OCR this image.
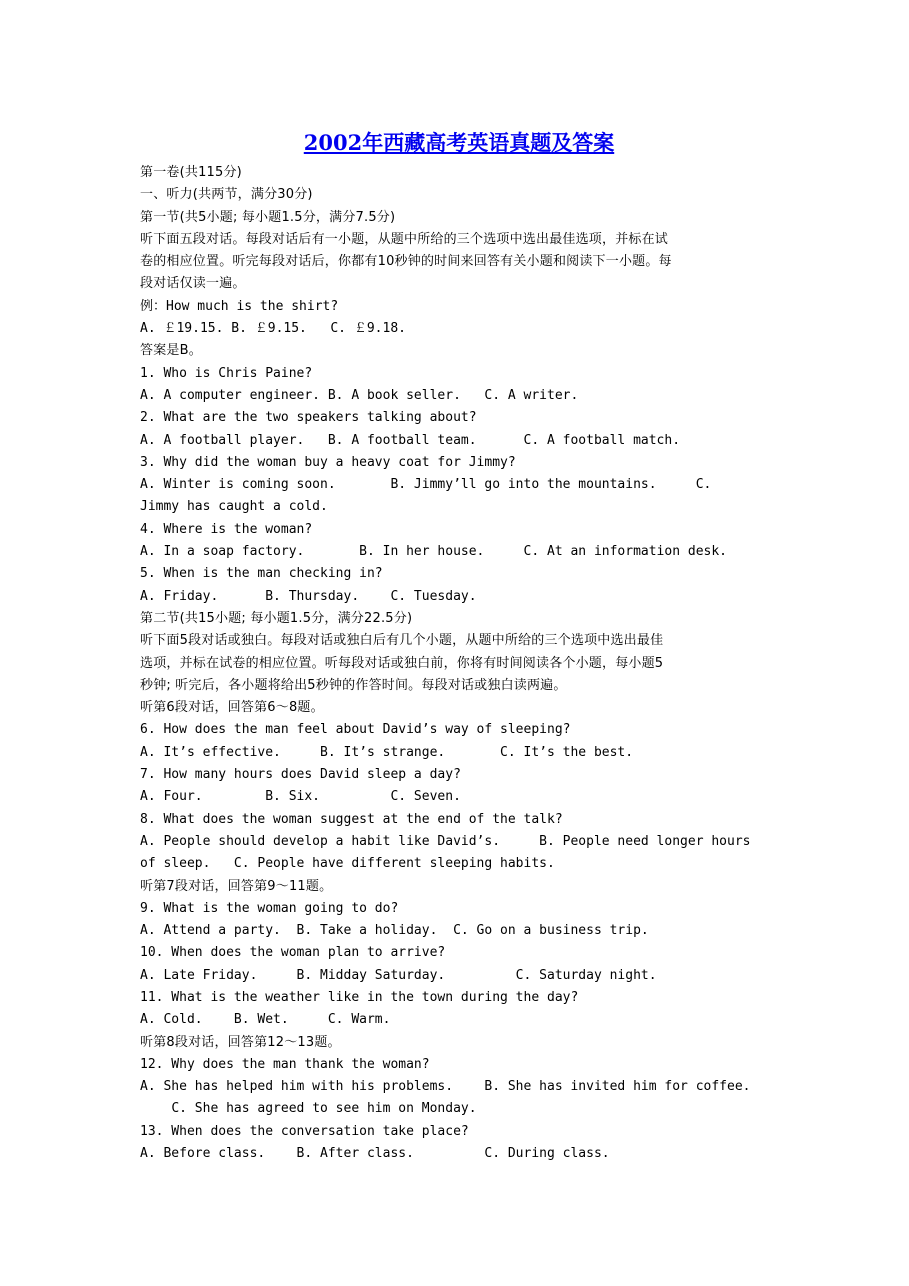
2002年西藏高考英语真题及答案
第一卷(共115分)
一、听力(共两节，满分30分)
第一节(共5小题; 每小题1.5分，满分7.5分)
听下面五段对话。每段对话后有一小题，从题中所给的三个选项中选出最佳选项，并标在试
卷的相应位置。听完每段对话后，你都有10秒钟的时间来回答有关小题和阅读下一小题。每
段对话仅读一遍。
例：How much is the shirt?
A. ￡19.15. B. ￡9.15.   C. ￡9.18.
答案是B。
1. Who is Chris Paine?
A. A computer engineer. B. A book seller.   C. A writer.
2. What are the two speakers talking about?
A. A football player.   B. A football team.      C. A football match.
3. Why did the woman buy a heavy coat for Jimmy?
A. Winter is coming soon.       B. Jimmy’ll go into the mountains.     C.
Jimmy has caught a cold.
4. Where is the woman?
A. In a soap factory.       B. In her house.     C. At an information desk.
5. When is the man checking in?
A. Friday.      B. Thursday.    C. Tuesday.
第二节(共15小题; 每小题1.5分，满分22.5分)
听下面5段对话或独白。每段对话或独白后有几个小题，从题中所给的三个选项中选出最佳
选项，并标在试卷的相应位置。听每段对话或独白前，你将有时间阅读各个小题，每小题5
秒钟; 听完后，各小题将给出5秒钟的作答时间。每段对话或独白读两遍。
听第6段对话，回答第6～8题。
6. How does the man feel about David’s way of sleeping?
A. It’s effective.     B. It’s strange.       C. It’s the best.
7. How many hours does David sleep a day?
A. Four.        B. Six.         C. Seven.
8. What does the woman suggest at the end of the talk?
A. People should develop a habit like David’s.     B. People need longer hours
of sleep.   C. People have different sleeping habits.
听第7段对话，回答第9～11题。
9. What is the woman going to do?
A. Attend a party.  B. Take a holiday.  C. Go on a business trip.
10. When does the woman plan to arrive?
A. Late Friday.     B. Midday Saturday.         C. Saturday night.
11. What is the weather like in the town during the day?
A. Cold.    B. Wet.     C. Warm.
听第8段对话，回答第12～13题。
12. Why does the man thank the woman?
A. She has helped him with his problems.    B. She has invited him for coffee.
C. She has agreed to see him on Monday.
13. When does the conversation take place?
A. Before class.    B. After class.         C. During class.
